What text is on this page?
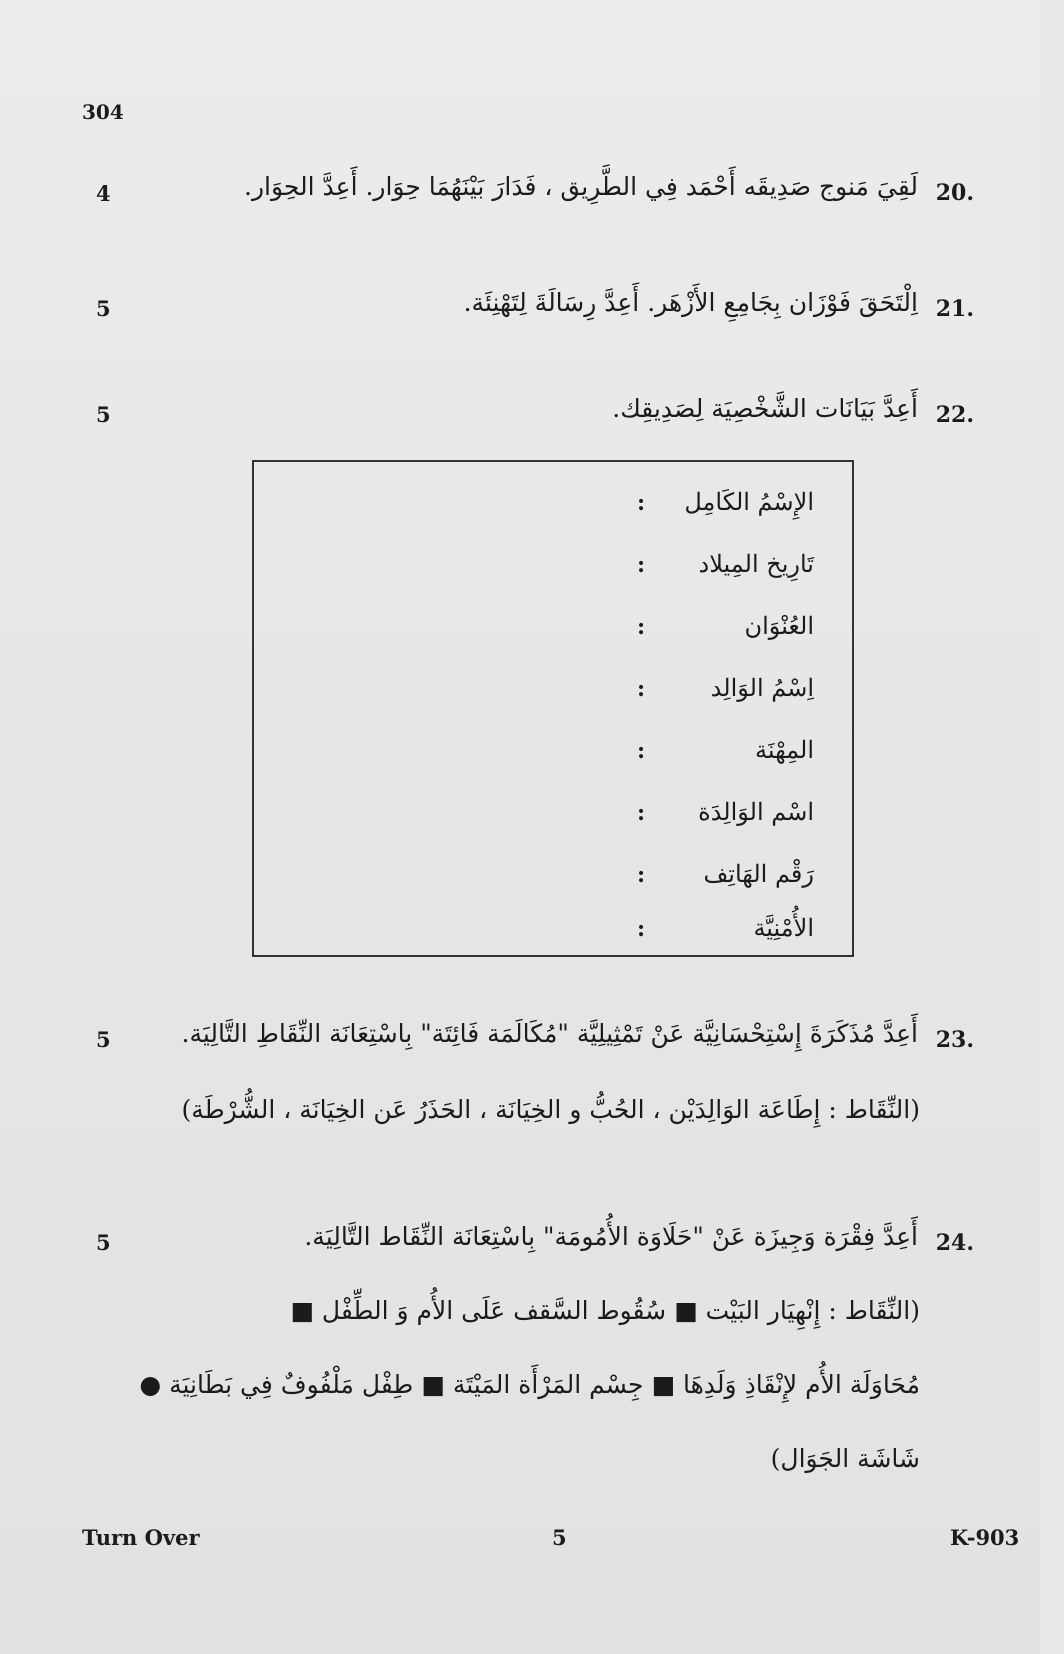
304
4	20.
لَقِيَ مَنوج صَدِيقَه أَحْمَد فِي الطَّرِيق ، فَدَارَ بَيْنَهُمَا حِوَار. أَعِدَّ الحِوَار.
5	21.
اِلْتَحَقَ فَوْزَان بِجَامِعِ الأَزْهَر. أَعِدَّ رِسَالَةَ لِتَهْنِئَة.
5	22.
أَعِدَّ بَيَانَات الشَّخْصِيَة لِصَدِيقِك.
الإِسْمُ الكَامِل
:
تَارِيخ المِيلاد
:
العُنْوَان
:
اِسْمُ الوَالِد
:
المِهْنَة
:
اسْم الوَالِدَة
:
رَقْم الهَاتِف
:
الأُمْنِيَّة
:
5	23.
أَعِدَّ مُذَكَرَةَ إِسْتِحْسَانِيَّة عَنْ تَمْثِيلِيَّة "مُكَالَمَة فَائِتَة" بِاسْتِعَانَة النِّقَاطِ التَّالِيَة.
(النِّقَاط : إِطَاعَة الوَالِدَيْن ، الحُبُّ و الخِيَانَة ، الحَذَرُ عَن الخِيَانَة ، الشُّرْطَة)
5	24.
أَعِدَّ فِقْرَة وَجِيزَة عَنْ "حَلَاوَة الأُمُومَة" بِاسْتِعَانَة النِّقَاط التَّالِيَة.
(النِّقَاط : إِنْهِيَار البَيْت ■ سُقُوط السَّقف عَلَى الأُم وَ الطِّفْل ■
مُحَاوَلَة الأُم لإِنْقَاذِ وَلَدِهَا ■ جِسْم المَرْأَة المَيْتَة ■ طِفْل مَلْفُوفٌ فِي بَطَانِيَة ●
شَاشَة الجَوَال)
Turn Over	5	K-903
